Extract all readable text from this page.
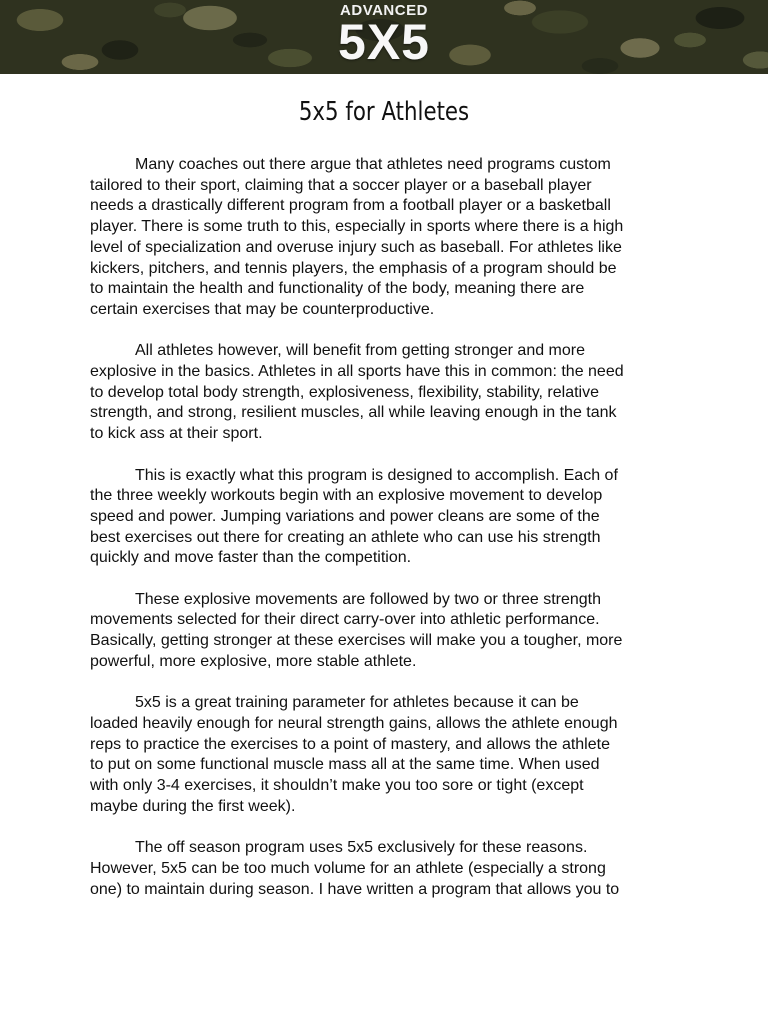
ADVANCED
5X5
5x5 for Athletes

Many coaches out there argue that athletes need programs custom
tailored to their sport, claiming that a soccer player or a baseball player
needs a drastically different program from a football player or a basketball
player. There is some truth to this, especially in sports where there is a high
level of specialization and overuse injury such as baseball. For athletes like
kickers, pitchers, and tennis players, the emphasis of a program should be
to maintain the health and functionality of the body, meaning there are
certain exercises that may be counterproductive.

All athletes however, will benefit from getting stronger and more
explosive in the basics. Athletes in all sports have this in common: the need
to develop total body strength, explosiveness, flexibility, stability, relative
strength, and strong, resilient muscles, all while leaving enough in the tank
to kick ass at their sport.

This is exactly what this program is designed to accomplish. Each of
the three weekly workouts begin with an explosive movement to develop
speed and power. Jumping variations and power cleans are some of the
best exercises out there for creating an athlete who can use his strength
quickly and move faster than the competition.

These explosive movements are followed by two or three strength
movements selected for their direct carry-over into athletic performance.
Basically, getting stronger at these exercises will make you a tougher, more
powerful, more explosive, more stable athlete.

5x5 is a great training parameter for athletes because it can be
loaded heavily enough for neural strength gains, allows the athlete enough
reps to practice the exercises to a point of mastery, and allows the athlete
to put on some functional muscle mass all at the same time. When used
with only 3-4 exercises, it shouldn’t make you too sore or tight (except
maybe during the first week).

The off season program uses 5x5 exclusively for these reasons.
However, 5x5 can be too much volume for an athlete (especially a strong
one) to maintain during season. I have written a program that allows you to
